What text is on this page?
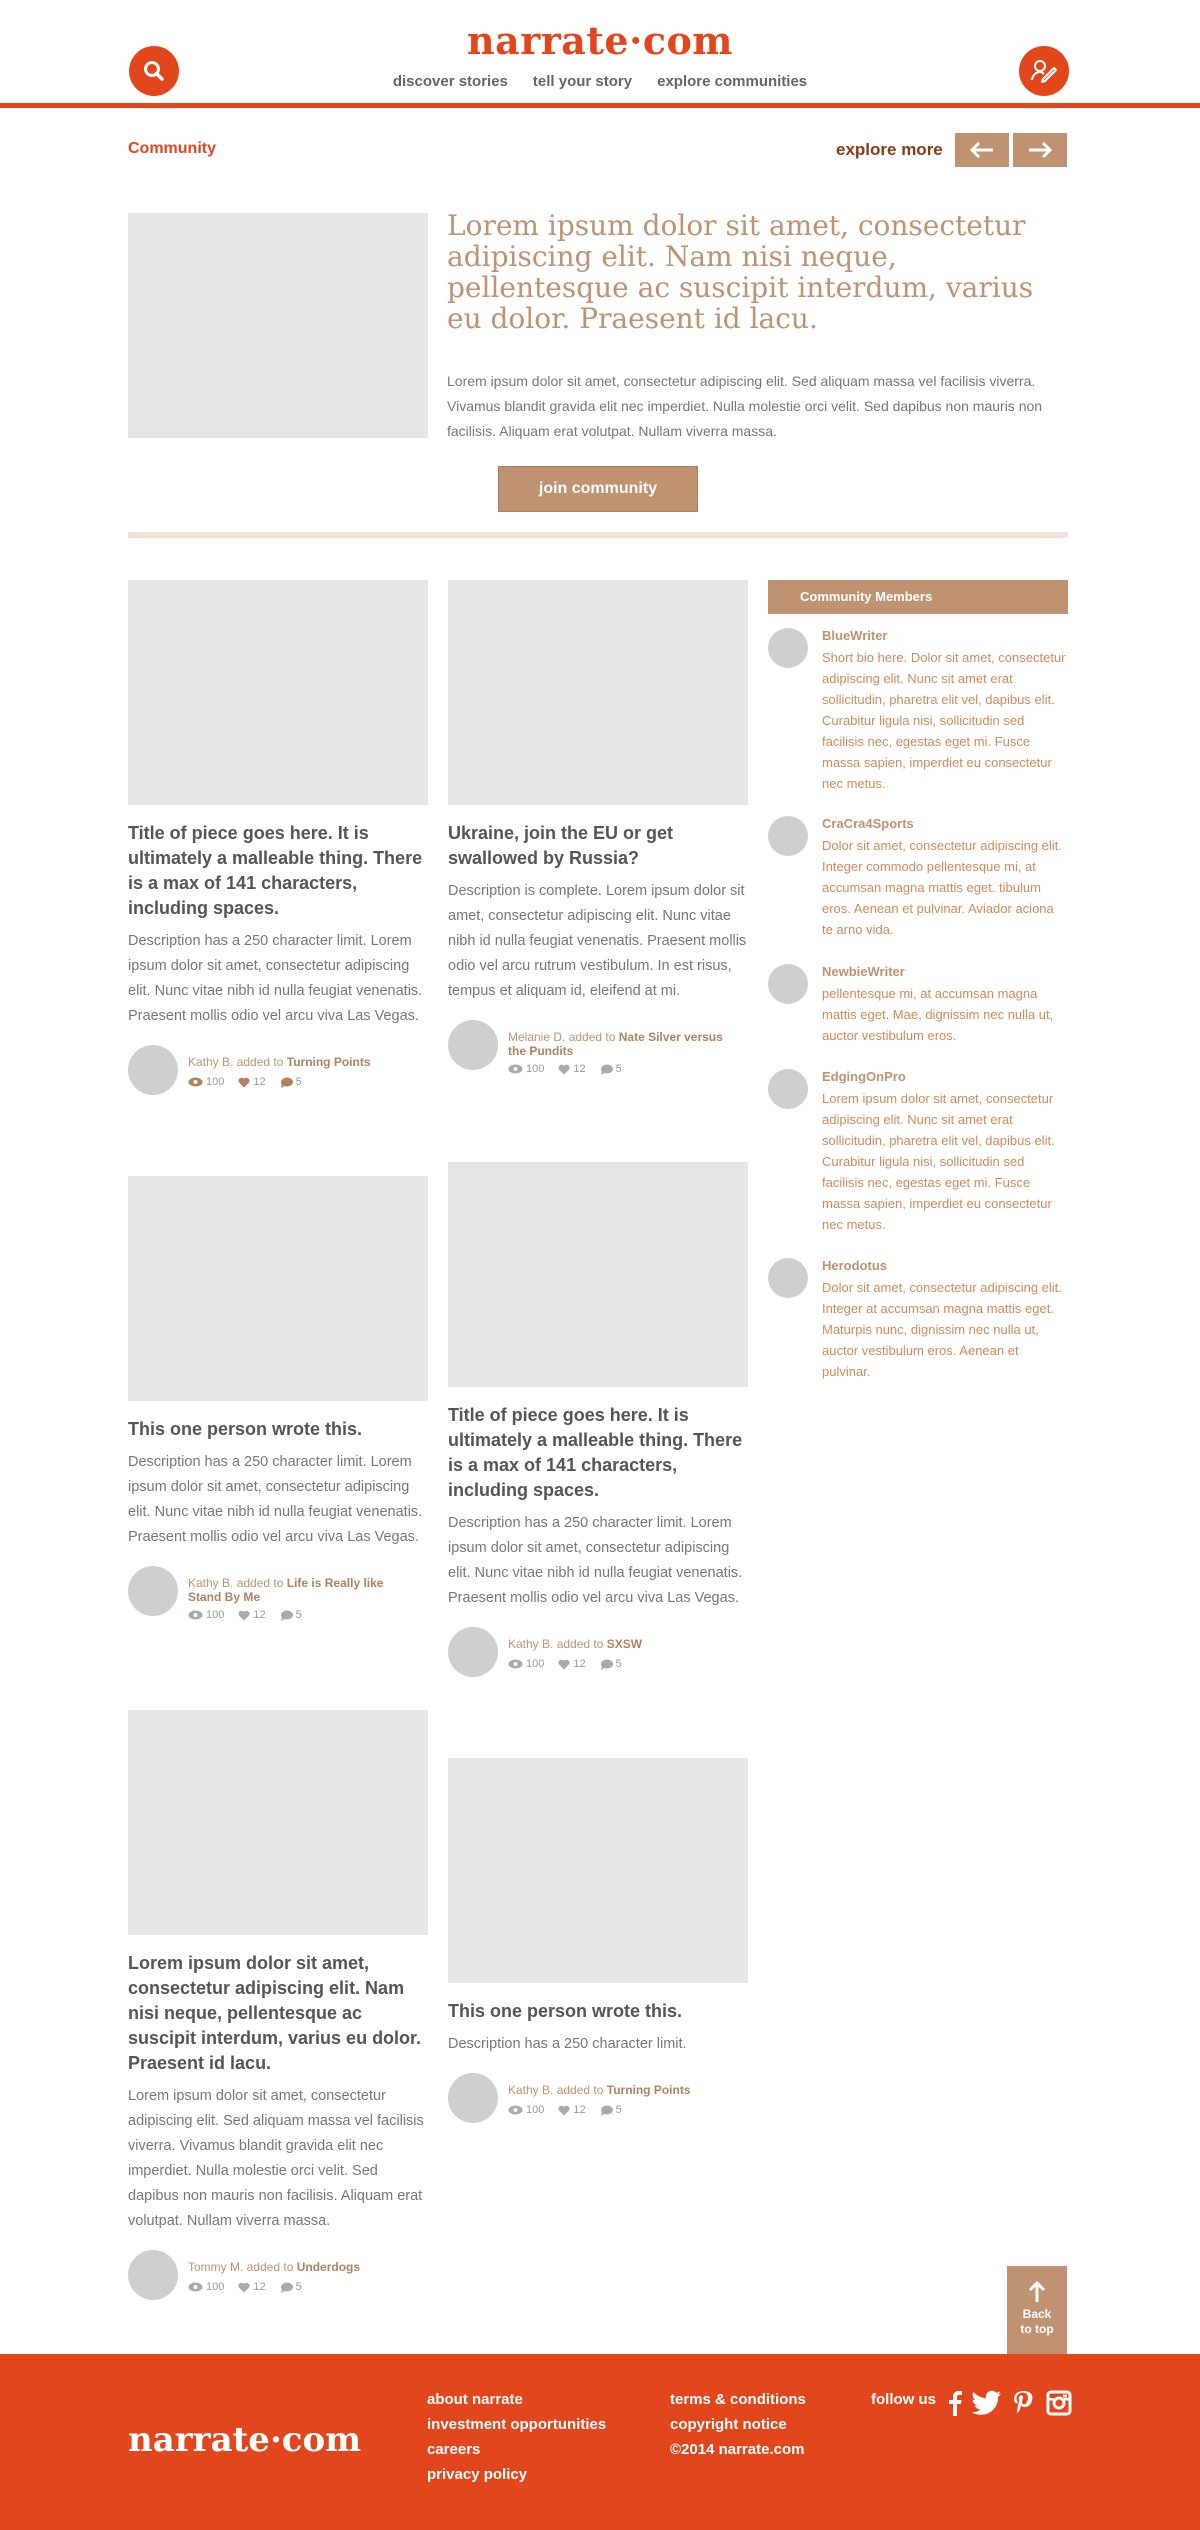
narrate·com
discover stories tell your story explore communities
Community	explore more
Lorem ipsum dolor sit amet, consectetur adipiscing elit. Nam nisi neque, pellentesque ac suscipit interdum, varius eu dolor. Praesent id lacu.
Lorem ipsum dolor sit amet, consectetur adipiscing elit. Sed aliquam massa vel facilisis viverra. Vivamus blandit gravida elit nec imperdiet. Nulla molestie orci velit. Sed dapibus non mauris non facilisis. Aliquam erat volutpat. Nullam viverra massa.
join community
Title of piece goes here. It is ultimately a malleable thing. There is a max of 141 characters, including spaces.

Description has a 250 character limit. Lorem ipsum dolor sit amet, consectetur adipiscing elit. Nunc vitae nibh id nulla feugiat venenatis. Praesent mollis odio vel arcu viva Las Vegas.

Kathy B. added to Turning Points
100	12	5
Ukraine, join the EU or get swallowed by Russia?

Description is complete. Lorem ipsum dolor sit amet, consectetur adipiscing elit. Nunc vitae nibh id nulla feugiat venenatis. Praesent mollis odio vel arcu rutrum vestibulum. In est risus, tempus et aliquam id, eleifend at mi.

Melanie D. added to Nate Silver versus the Pundits
100	12	5
This one person wrote this.

Description has a 250 character limit. Lorem ipsum dolor sit amet, consectetur adipiscing elit. Nunc vitae nibh id nulla feugiat venenatis. Praesent mollis odio vel arcu viva Las Vegas.

Kathy B. added to Life is Really like Stand By Me
100	12	5
Title of piece goes here. It is ultimately a malleable thing. There is a max of 141 characters, including spaces.

Description has a 250 character limit. Lorem ipsum dolor sit amet, consectetur adipiscing elit. Nunc vitae nibh id nulla feugiat venenatis. Praesent mollis odio vel arcu viva Las Vegas.

Kathy B. added to SXSW
100	12	5
Lorem ipsum dolor sit amet, consectetur adipiscing elit. Nam nisi neque, pellentesque ac suscipit interdum, varius eu dolor. Praesent id lacu.

Lorem ipsum dolor sit amet, consectetur adipiscing elit. Sed aliquam massa vel facilisis viverra. Vivamus blandit gravida elit nec imperdiet. Nulla molestie orci velit. Sed dapibus non mauris non facilisis. Aliquam erat volutpat. Nullam viverra massa.

Tommy M. added to Underdogs
100	12	5
This one person wrote this.

Description has a 250 character limit.

Kathy B. added to Turning Points
100	12	5
Community Members
BlueWriter
Short bio here. Dolor sit amet, consectetur adipiscing elit. Nunc sit amet erat sollicitudin, pharetra elit vel, dapibus elit. Curabitur ligula nisi, sollicitudin sed facilisis nec, egestas eget mi. Fusce massa sapien, imperdiet eu consectetur nec metus.
CraCra4Sports
Dolor sit amet, consectetur adipiscing elit. Integer commodo pellentesque mi, at accumsan magna mattis eget. tibulum eros. Aenean et pulvinar. Aviador aciona te arno vida.
NewbieWriter
pellentesque mi, at accumsan magna mattis eget. Mae, dignissim nec nulla ut, auctor vestibulum eros.
EdgingOnPro
Lorem ipsum dolor sit amet, consectetur adipiscing elit. Nunc sit amet erat sollicitudin, pharetra elit vel, dapibus elit. Curabitur ligula nisi, sollicitudin sed facilisis nec, egestas eget mi. Fusce massa sapien, imperdiet eu consectetur nec metus.
Herodotus
Dolor sit amet, consectetur adipiscing elit. Integer at accumsan magna mattis eget. Maturpis nunc, dignissim nec nulla ut, auctor vestibulum eros. Aenean et pulvinar.
Back
to top
narrate·com
about narrate
investment opportunities
careers
privacy policy
terms & conditions
copyright notice
©2014 narrate.com
follow us
